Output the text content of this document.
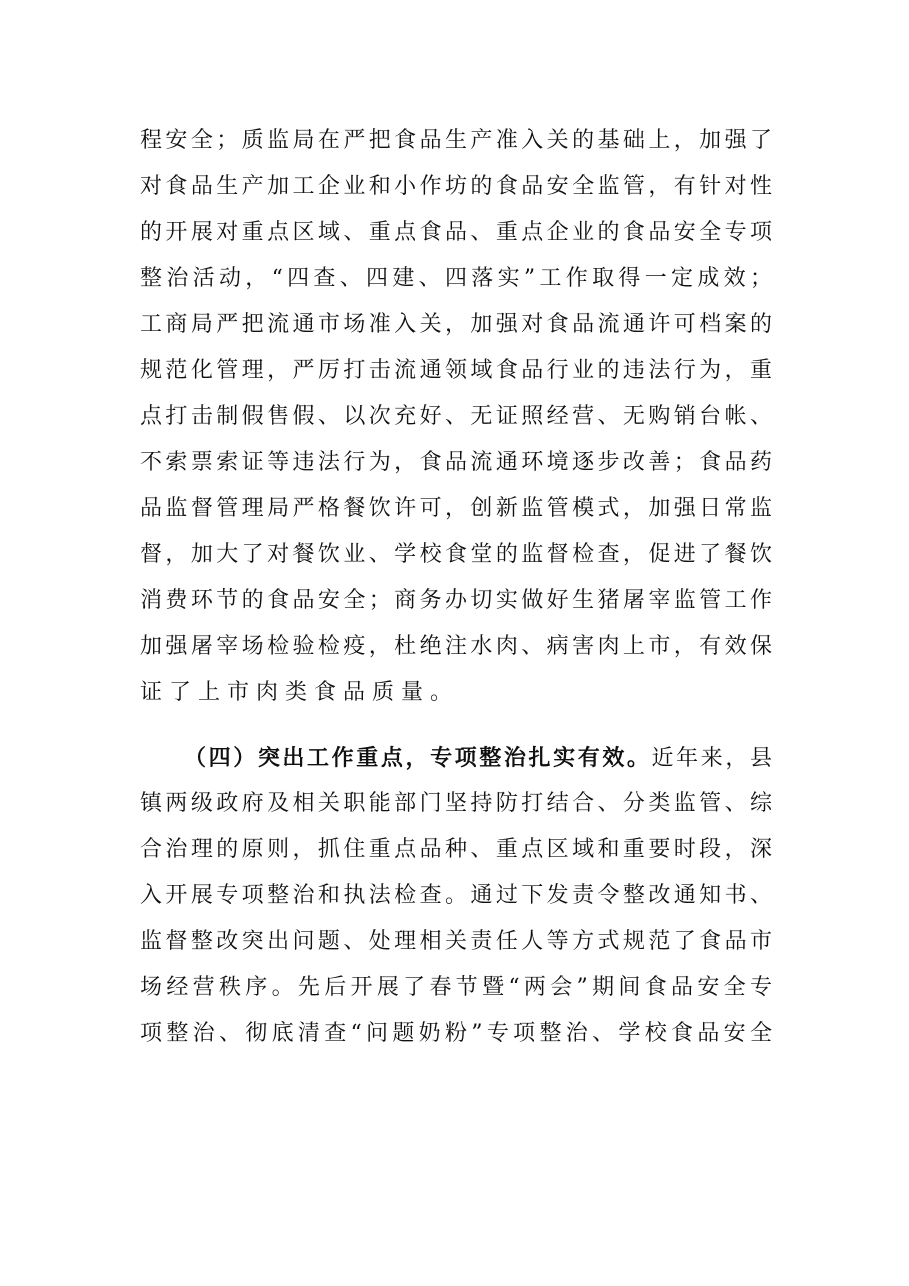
程安全；质监局在严把食品生产准入关的基础上，加强了
对食品生产加工企业和小作坊的食品安全监管，有针对性
的开展对重点区域、重点食品、重点企业的食品安全专项
整治活动，“四查、四建、四落实”工作取得一定成效；
工商局严把流通市场准入关，加强对食品流通许可档案的
规范化管理，严厉打击流通领域食品行业的违法行为，重
点打击制假售假、以次充好、无证照经营、无购销台帐、
不索票索证等违法行为，食品流通环境逐步改善；食品药
品监督管理局严格餐饮许可，创新监管模式，加强日常监
督，加大了对餐饮业、学校食堂的监督检查，促进了餐饮
消费环节的食品安全；商务办切实做好生猪屠宰监管工作
加强屠宰场检验检疫，杜绝注水肉、病害肉上市，有效保
证了上市肉类食品质量。
（四）突出工作重点，专项整治扎实有效。近年来，县
镇两级政府及相关职能部门坚持防打结合、分类监管、综
合治理的原则，抓住重点品种、重点区域和重要时段，深
入开展专项整治和执法检查。通过下发责令整改通知书、
监督整改突出问题、处理相关责任人等方式规范了食品市
场经营秩序。先后开展了春节暨“两会”期间食品安全专
项整治、彻底清查“问题奶粉”专项整治、学校食品安全
